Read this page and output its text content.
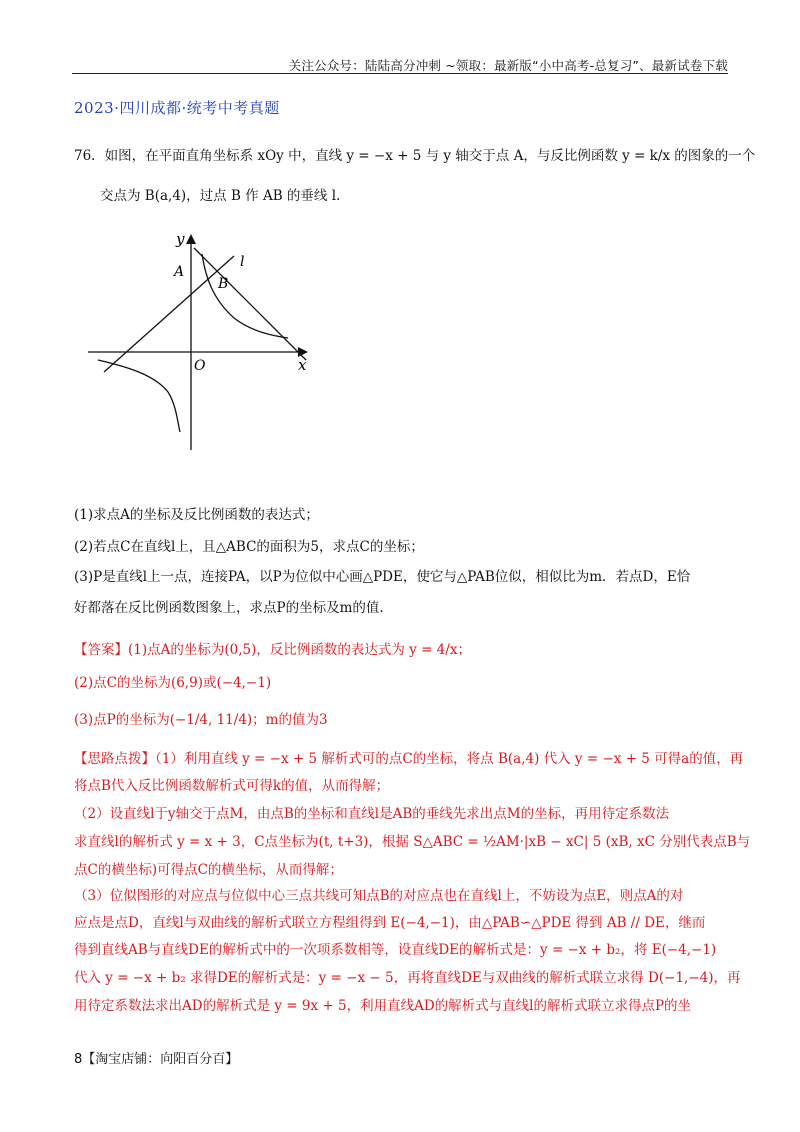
关注公众号：陆陆高分冲刺 ~领取：最新版“小中高考-总复习”、最新试卷下载
2023·四川成都·统考中考真题
76．如图，在平面直角坐标系 xOy 中，直线 y = −x + 5 与 y 轴交于点 A，与反比例函数 y = k/x 的图象的一个
交点为 B(a,4)，过点 B 作 AB 的垂线 l.
y
x
O
A
B
l
(1)求点A的坐标及反比例函数的表达式；
(2)若点C在直线l上，且△ABC的面积为5，求点C的坐标；
(3)P是直线l上一点，连接PA，以P为位似中心画△PDE，使它与△PAB位似，相似比为m．若点D，E恰
好都落在反比例函数图象上，求点P的坐标及m的值.
【答案】(1)点A的坐标为(0,5)，反比例函数的表达式为 y = 4/x；
(2)点C的坐标为(6,9)或(−4,−1)
(3)点P的坐标为(−1/4, 11/4)；m的值为3
【思路点拨】（1）利用直线 y = −x + 5 解析式可的点C的坐标，将点 B(a,4) 代入 y = −x + 5 可得a的值，再
将点B代入反比例函数解析式可得k的值，从而得解；
（2）设直线l于y轴交于点M，由点B的坐标和直线l是AB的垂线先求出点M的坐标，再用待定系数法
求直线l的解析式 y = x + 3，C点坐标为(t, t+3)，根据 S△ABC = ½AM·|xB − xC| 5 (xB, xC 分别代表点B与
点C的横坐标)可得点C的横坐标，从而得解；
（3）位似图形的对应点与位似中心三点共线可知点B的对应点也在直线l上，不妨设为点E，则点A的对
应点是点D，直线l与双曲线的解析式联立方程组得到 E(−4,−1)，由△PAB∽△PDE 得到 AB // DE，继而
得到直线AB与直线DE的解析式中的一次项系数相等，设直线DE的解析式是：y = −x + b₂，将 E(−4,−1)
代入 y = −x + b₂ 求得DE的解析式是：y = −x − 5，再将直线DE与双曲线的解析式联立求得 D(−1,−4)，再
用待定系数法求出AD的解析式是 y = 9x + 5，利用直线AD的解析式与直线l的解析式联立求得点P的坐
8【淘宝店铺：向阳百分百】
